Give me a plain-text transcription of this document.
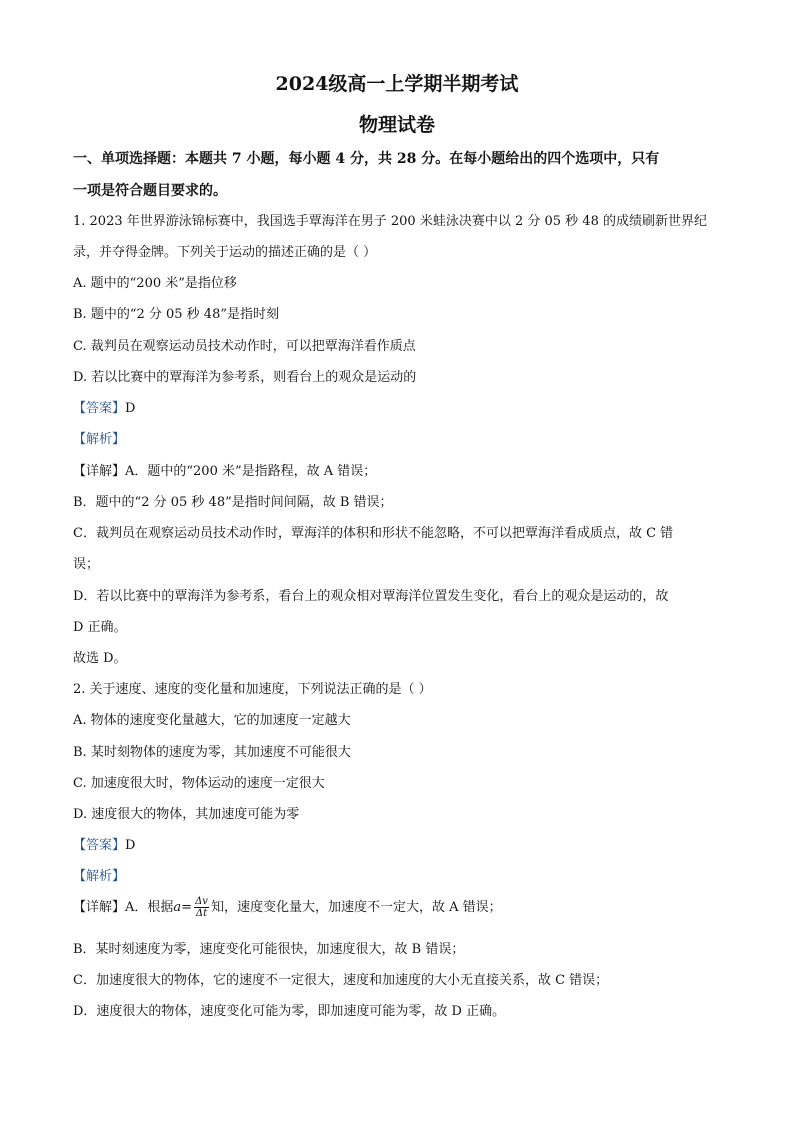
2024级高一上学期半期考试
物理试卷
一、单项选择题：本题共 7 小题，每小题 4 分，共 28 分。在每小题给出的四个选项中，只有
一项是符合题目要求的。
1. 2023 年世界游泳锦标赛中，我国选手覃海洋在男子 200 米蛙泳决赛中以 2 分 05 秒 48 的成绩刷新世界纪
录，并夺得金牌。下列关于运动的描述正确的是（ ）
A. 题中的“200 米”是指位移
B. 题中的“2 分 05 秒 48”是指时刻
C. 裁判员在观察运动员技术动作时，可以把覃海洋看作质点
D. 若以比赛中的覃海洋为参考系，则看台上的观众是运动的
【答案】D
【解析】
【详解】A．题中的“200 米”是指路程，故 A 错误；
B．题中的“2 分 05 秒 48”是指时间间隔，故 B 错误；
C．裁判员在观察运动员技术动作时，覃海洋的体积和形状不能忽略，不可以把覃海洋看成质点，故 C 错
误；
D．若以比赛中的覃海洋为参考系，看台上的观众相对覃海洋位置发生变化，看台上的观众是运动的，故
D 正确。
故选 D。
2. 关于速度、速度的变化量和加速度，下列说法正确的是（ ）
A. 物体的速度变化量越大，它的加速度一定越大
B. 某时刻物体的速度为零，其加速度不可能很大
C. 加速度很大时，物体运动的速度一定很大
D. 速度很大的物体，其加速度可能为零
【答案】D
【解析】
【详解】A．根据$a= \frac{\Delta v}{\Delta t}$ 知，速度变化量大，加速度不一定大，故 A 错误；
B．某时刻速度为零，速度变化可能很快，加速度很大，故 B 错误；
C．加速度很大的物体，它的速度不一定很大，速度和加速度的大小无直接关系，故 C 错误；
D．速度很大的物体，速度变化可能为零，即加速度可能为零，故 D 正确。
